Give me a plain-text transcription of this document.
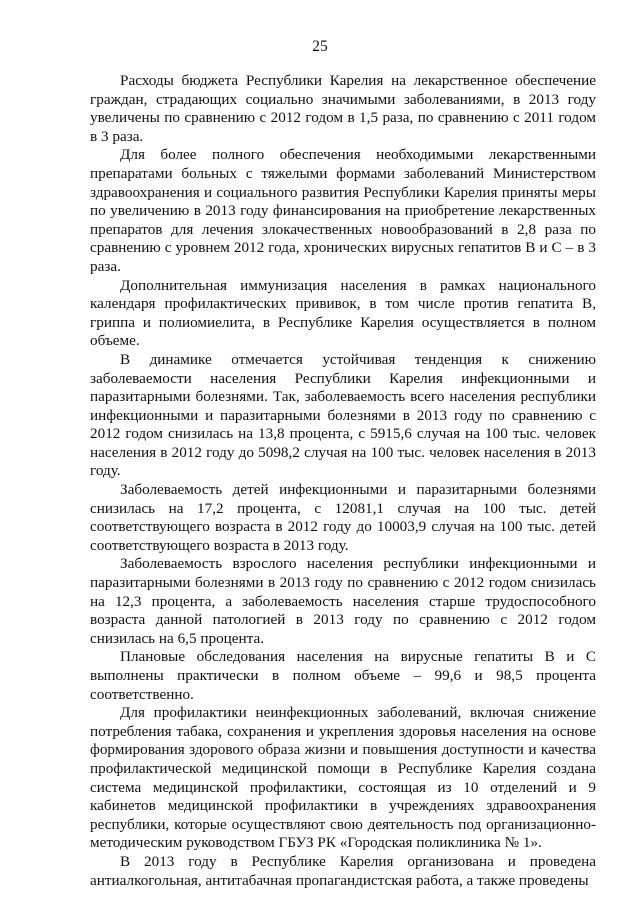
25

Расходы бюджета Республики Карелия на лекарственное обеспечение граждан, страдающих социально значимыми заболеваниями, в 2013 году увеличены по сравнению с 2012 годом в 1,5 раза, по сравнению с 2011 годом в 3 раза.

Для более полного обеспечения необходимыми лекарственными препаратами больных с тяжелыми формами заболеваний Министерством здравоохранения и социального развития Республики Карелия приняты меры по увеличению в 2013 году финансирования на приобретение лекарственных препаратов для лечения злокачественных новообразований в 2,8 раза по сравнению с уровнем 2012 года, хронических вирусных гепатитов В и С – в 3 раза.

Дополнительная иммунизация населения в рамках национального календаря профилактических прививок, в том числе против гепатита В, гриппа и полиомиелита, в Республике Карелия осуществляется в полном объеме.

В динамике отмечается устойчивая тенденция к снижению заболеваемости населения Республики Карелия инфекционными и паразитарными болезнями. Так, заболеваемость всего населения республики инфекционными и паразитарными болезнями в 2013 году по сравнению с 2012 годом снизилась на 13,8 процента, с 5915,6 случая на 100 тыс. человек населения в 2012 году до 5098,2 случая на 100 тыс. человек населения в 2013 году.

Заболеваемость детей инфекционными и паразитарными болезнями снизилась на 17,2 процента, с 12081,1 случая на 100 тыс. детей соответствующего возраста в 2012 году до 10003,9 случая на 100 тыс. детей соответствующего возраста в 2013 году.

Заболеваемость взрослого населения республики инфекционными и паразитарными болезнями в 2013 году по сравнению с 2012 годом снизилась на 12,3 процента, а заболеваемость населения старше трудоспособного возраста данной патологией в 2013 году по сравнению с 2012 годом снизилась на 6,5 процента.

Плановые обследования населения на вирусные гепатиты В и С выполнены практически в полном объеме – 99,6 и 98,5 процента соответственно.

Для профилактики неинфекционных заболеваний, включая снижение потребления табака, сохранения и укрепления здоровья населения на основе формирования здорового образа жизни и повышения доступности и качества профилактической медицинской помощи в Республике Карелия создана система медицинской профилактики, состоящая из 10 отделений и 9 кабинетов медицинской профилактики в учреждениях здравоохранения республики, которые осуществляют свою деятельность под организационно-методическим руководством ГБУЗ РК «Городская поликлиника № 1».

В 2013 году в Республике Карелия организована и проведена антиалкогольная, антитабачная пропагандистская работа, а также проведены
